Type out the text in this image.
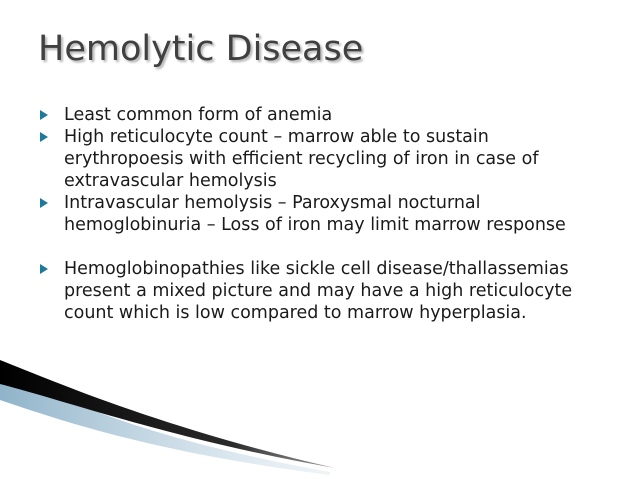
Hemolytic Disease
Least common form of anemia
High reticulocyte count – marrow able to sustain erythropoesis with efficient recycling of iron in case of extravascular hemolysis
Intravascular hemolysis – Paroxysmal nocturnal hemoglobinuria – Loss of iron may limit marrow response
Hemoglobinopathies like sickle cell disease/thallassemias present a mixed picture and may have a high reticulocyte count which is low compared to marrow hyperplasia.
